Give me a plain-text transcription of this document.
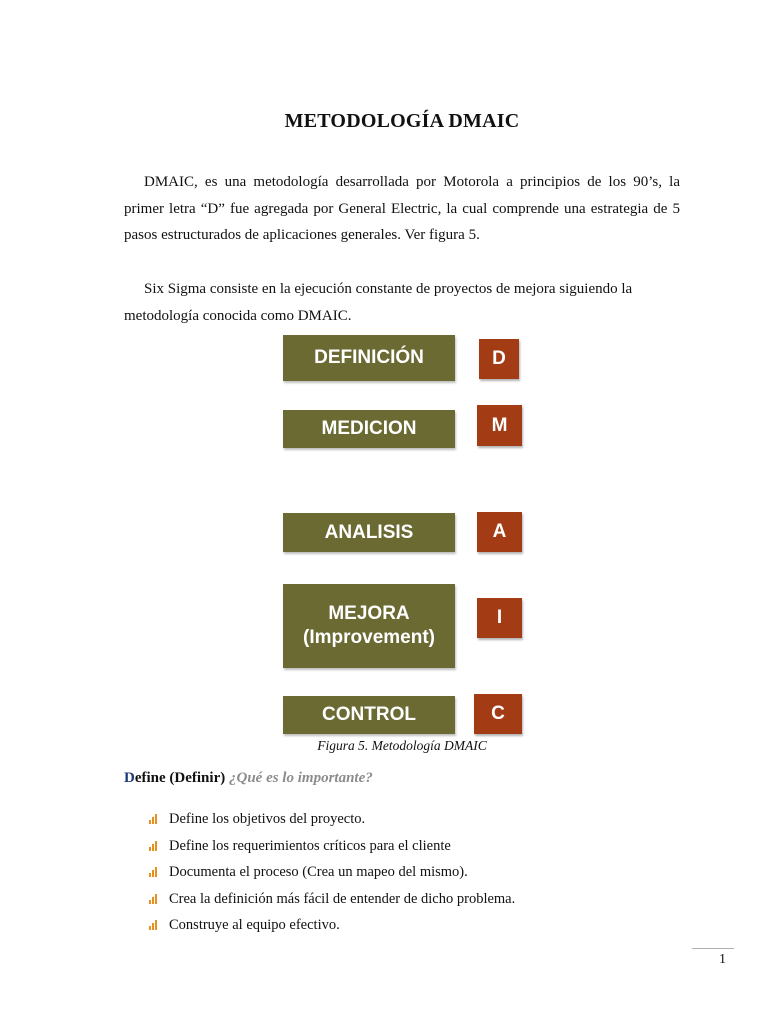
METODOLOGÍA DMAIC

DMAIC, es una metodología desarrollada por Motorola a principios de los 90’s, la primer letra “D” fue agregada por General Electric, la cual comprende una estrategia de 5 pasos estructurados de aplicaciones generales. Ver figura 5.

Six Sigma consiste en la ejecución constante de proyectos de mejora siguiendo la
metodología conocida como DMAIC.
DEFINICIÓN	D
MEDICION	M
ANALISIS	A
MEJORA
(Improvement)
I
CONTROL	C
Figura 5. Metodología DMAIC
Define (Definir) ¿Qué es lo importante?
Define los objetivos del proyecto.
Define los requerimientos críticos para el cliente
Documenta el proceso (Crea un mapeo del mismo).
Crea la definición más fácil de entender de dicho problema.
Construye al equipo efectivo.
1
